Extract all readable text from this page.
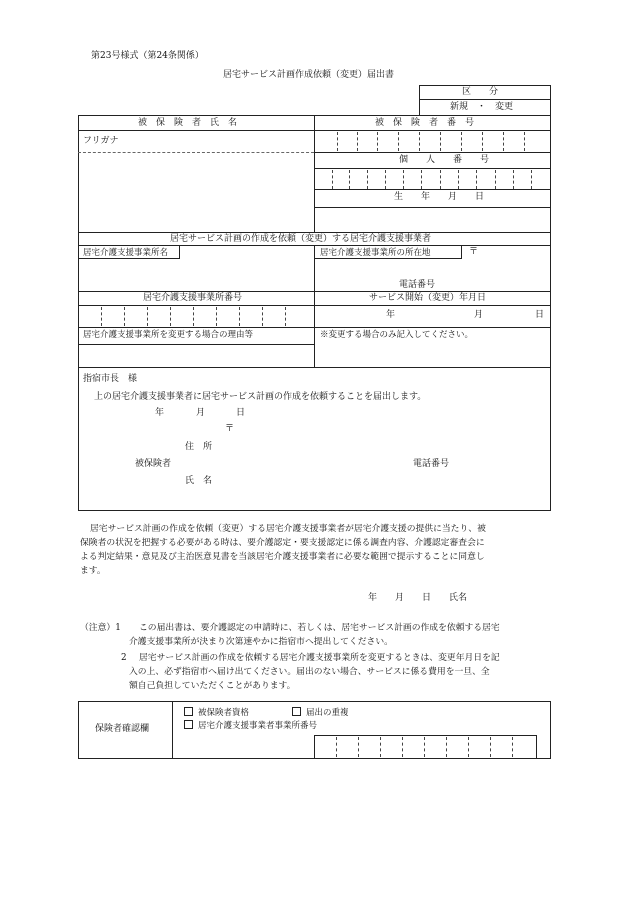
第23号様式（第24条関係）
居宅サービス計画作成依頼（変更）届出書
区　　分
新規　・　変更
被　保　険　者　氏　名	被　保　険　者　番　号
フリガナ
個　　人　　番　　号
生　　年　　月　　日
居宅サービス計画の作成を依頼（変更）する居宅介護支援事業者
居宅介護支援事業所名	居宅介護支援事業所の所在地	〒
電話番号
居宅介護支援事業所番号	サービス開始（変更）年月日
年	月	日
居宅介護支援事業所を変更する場合の理由等	※変更する場合のみ記入してください。
指宿市長　様
上の居宅介護支援事業者に居宅サービス計画の作成を依頼することを届出します。
年	月	日
〒
住　所
被保険者	電話番号
氏　名
居宅サービス計画の作成を依頼（変更）する居宅介護支援事業者が居宅介護支援の提供に当たり、被
保険者の状況を把握する必要がある時は、要介護認定・要支援認定に係る調査内容、介護認定審査会に
よる判定結果・意見及び主治医意見書を当該居宅介護支援事業者に必要な範囲で提示することに同意し
ます。
年　　月　　日　　氏名
（注意）1 この届出書は、要介護認定の申請時に、若しくは、居宅サービス計画の作成を依頼する居宅
介護支援事業所が決まり次第速やかに指宿市へ提出してください。
2 居宅サービス計画の作成を依頼する居宅介護支援事業所を変更するときは、変更年月日を記
入の上、必ず指宿市へ届け出てください。届出のない場合、サービスに係る費用を一旦、全
額自己負担していただくことがあります。
保険者確認欄
被保険者資格	届出の重複
居宅介護支援事業者事業所番号
